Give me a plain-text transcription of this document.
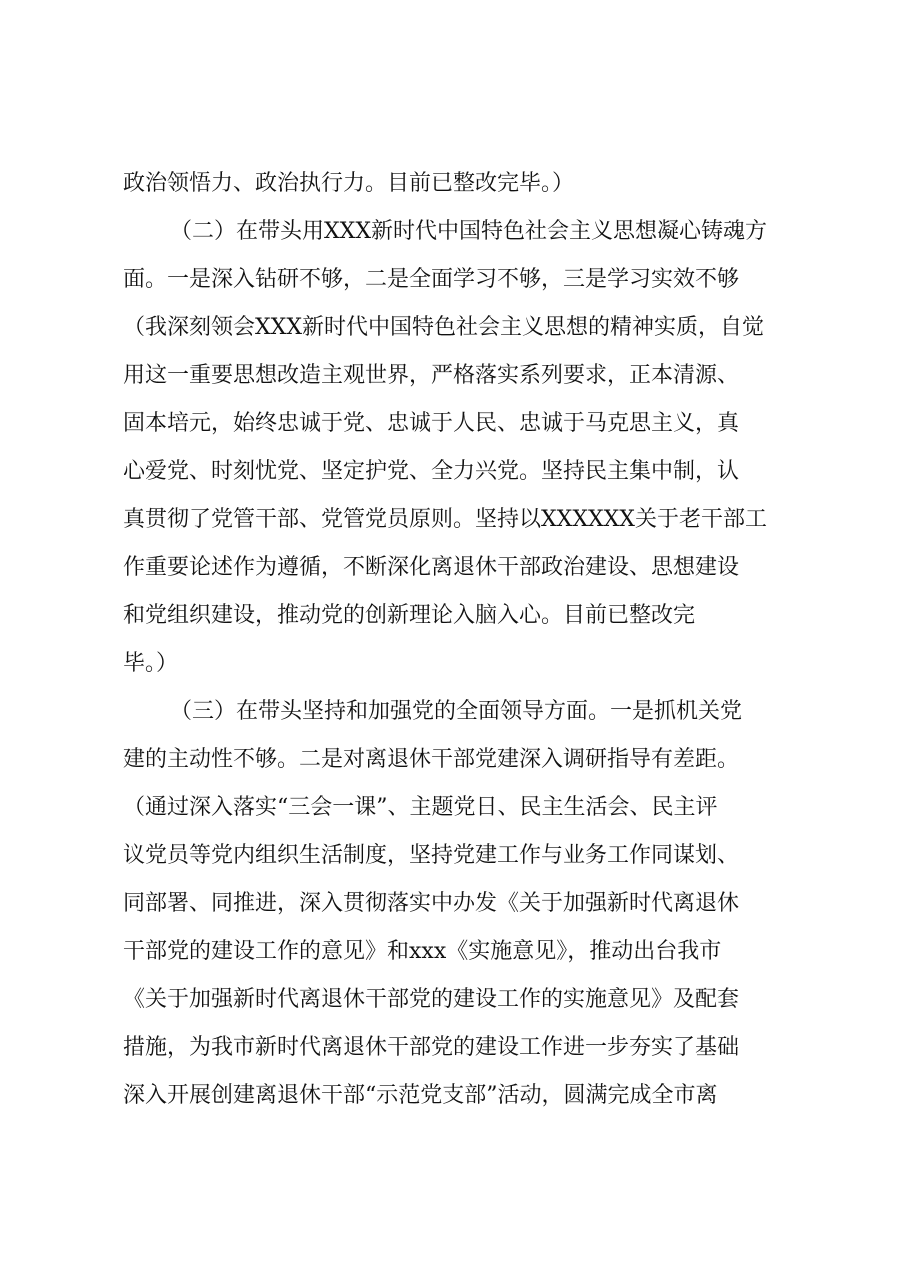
政治领悟力、政治执行力。目前已整改完毕。）
（二）在带头用XXX新时代中国特色社会主义思想凝心铸魂方
面。一是深入钻研不够，二是全面学习不够，三是学习实效不够
（我深刻领会XXX新时代中国特色社会主义思想的精神实质，自觉
用这一重要思想改造主观世界，严格落实系列要求，正本清源、
固本培元，始终忠诚于党、忠诚于人民、忠诚于马克思主义，真
心爱党、时刻忧党、坚定护党、全力兴党。坚持民主集中制，认
真贯彻了党管干部、党管党员原则。坚持以XXXXXX关于老干部工
作重要论述作为遵循，不断深化离退休干部政治建设、思想建设
和党组织建设，推动党的创新理论入脑入心。目前已整改完
毕。）
（三）在带头坚持和加强党的全面领导方面。一是抓机关党
建的主动性不够。二是对离退休干部党建深入调研指导有差距。
（通过深入落实“三会一课”、主题党日、民主生活会、民主评
议党员等党内组织生活制度，坚持党建工作与业务工作同谋划、
同部署、同推进，深入贯彻落实中办发《关于加强新时代离退休
干部党的建设工作的意见》和xxx《实施意见》，推动出台我市
《关于加强新时代离退休干部党的建设工作的实施意见》及配套
措施，为我市新时代离退休干部党的建设工作进一步夯实了基础
深入开展创建离退休干部“示范党支部”活动，圆满完成全市离
